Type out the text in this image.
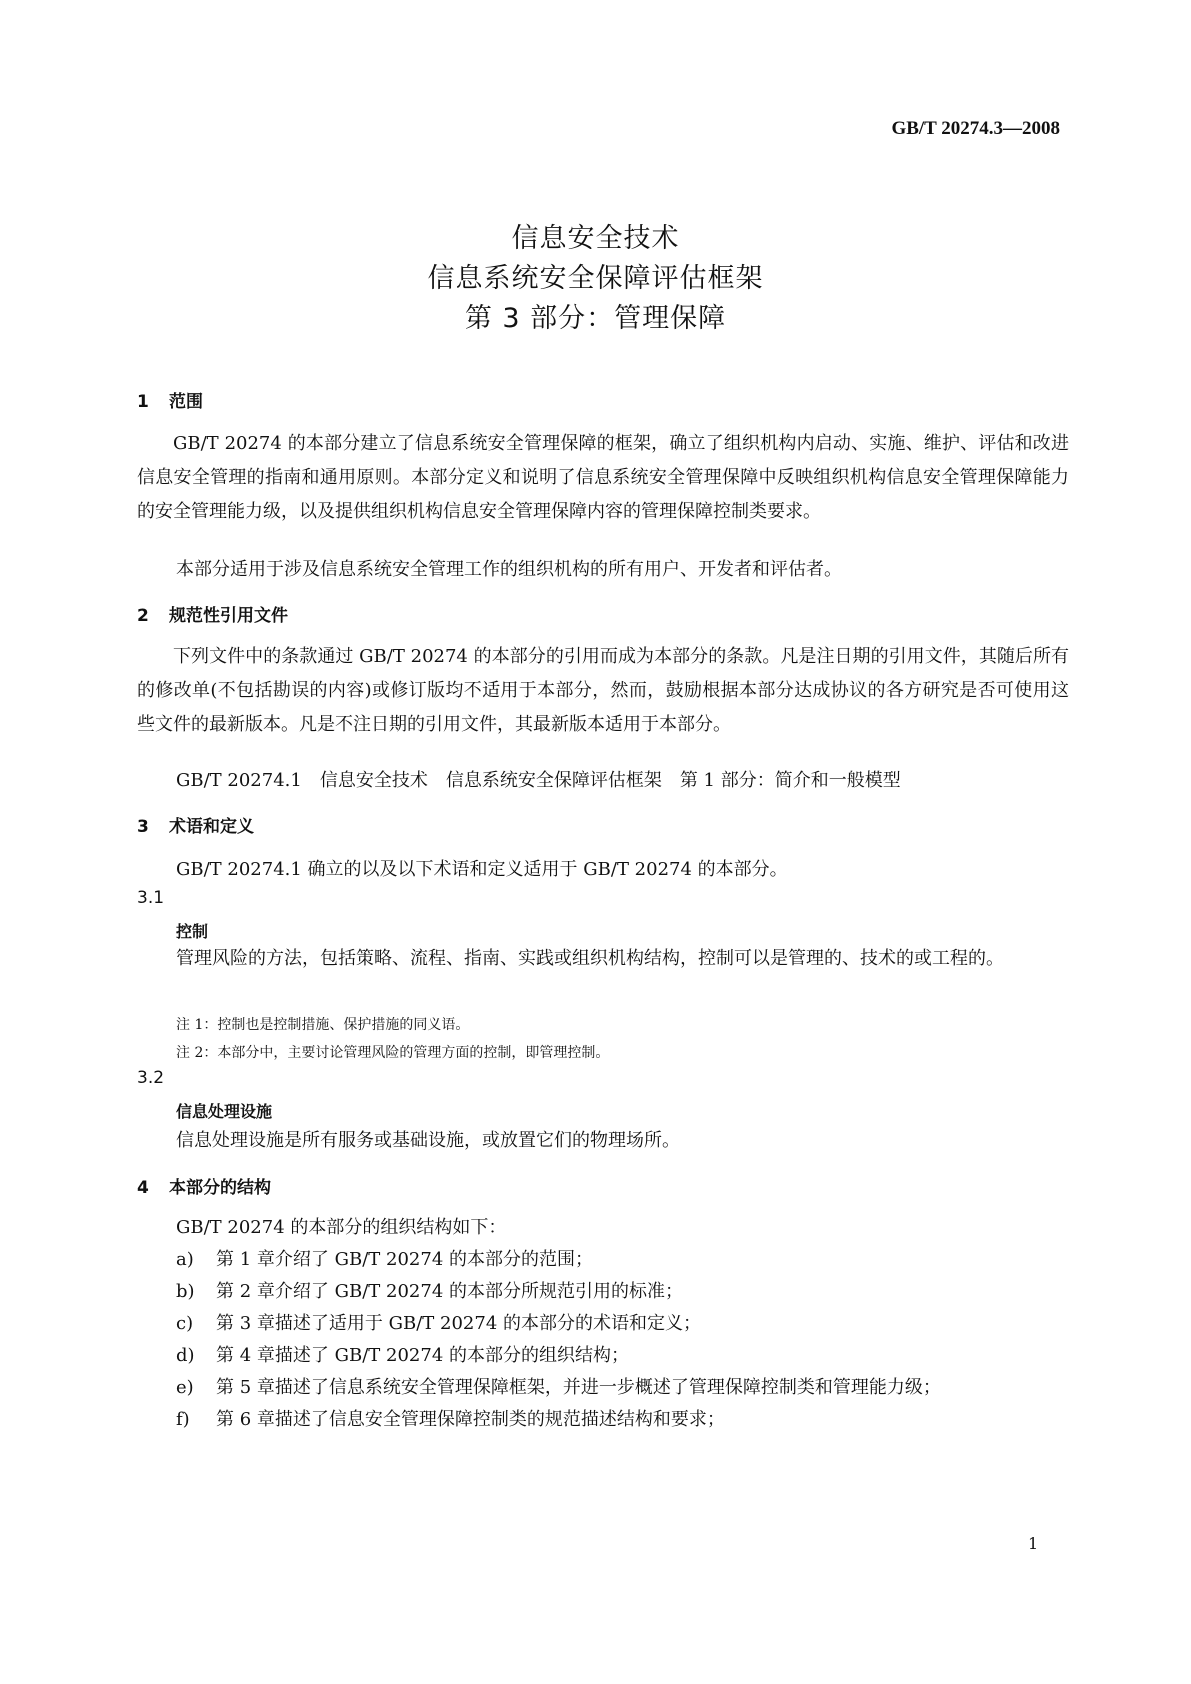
GB/T 20274.3—2008
信息安全技术
信息系统安全保障评估框架
第 3 部分：管理保障
1 范围
GB/T 20274 的本部分建立了信息系统安全管理保障的框架，确立了组织机构内启动、实施、维护、评估和改进信息安全管理的指南和通用原则。本部分定义和说明了信息系统安全管理保障中反映组织机构信息安全管理保障能力的安全管理能力级，以及提供组织机构信息安全管理保障内容的管理保障控制类要求。
本部分适用于涉及信息系统安全管理工作的组织机构的所有用户、开发者和评估者。
2 规范性引用文件
下列文件中的条款通过 GB/T 20274 的本部分的引用而成为本部分的条款。凡是注日期的引用文件，其随后所有的修改单(不包括勘误的内容)或修订版均不适用于本部分，然而，鼓励根据本部分达成协议的各方研究是否可使用这些文件的最新版本。凡是不注日期的引用文件，其最新版本适用于本部分。
GB/T 20274.1　信息安全技术　信息系统安全保障评估框架　第 1 部分：简介和一般模型
3 术语和定义
GB/T 20274.1 确立的以及以下术语和定义适用于 GB/T 20274 的本部分。
3.1
控制
管理风险的方法，包括策略、流程、指南、实践或组织机构结构，控制可以是管理的、技术的或工程的。
注 1：控制也是控制措施、保护措施的同义语。
注 2：本部分中，主要讨论管理风险的管理方面的控制，即管理控制。
3.2
信息处理设施
信息处理设施是所有服务或基础设施，或放置它们的物理场所。
4 本部分的结构
GB/T 20274 的本部分的组织结构如下：
a) 第 1 章介绍了 GB/T 20274 的本部分的范围；
b) 第 2 章介绍了 GB/T 20274 的本部分所规范引用的标准；
c) 第 3 章描述了适用于 GB/T 20274 的本部分的术语和定义；
d) 第 4 章描述了 GB/T 20274 的本部分的组织结构；
e) 第 5 章描述了信息系统安全管理保障框架，并进一步概述了管理保障控制类和管理能力级；
f) 第 6 章描述了信息安全管理保障控制类的规范描述结构和要求；
1
